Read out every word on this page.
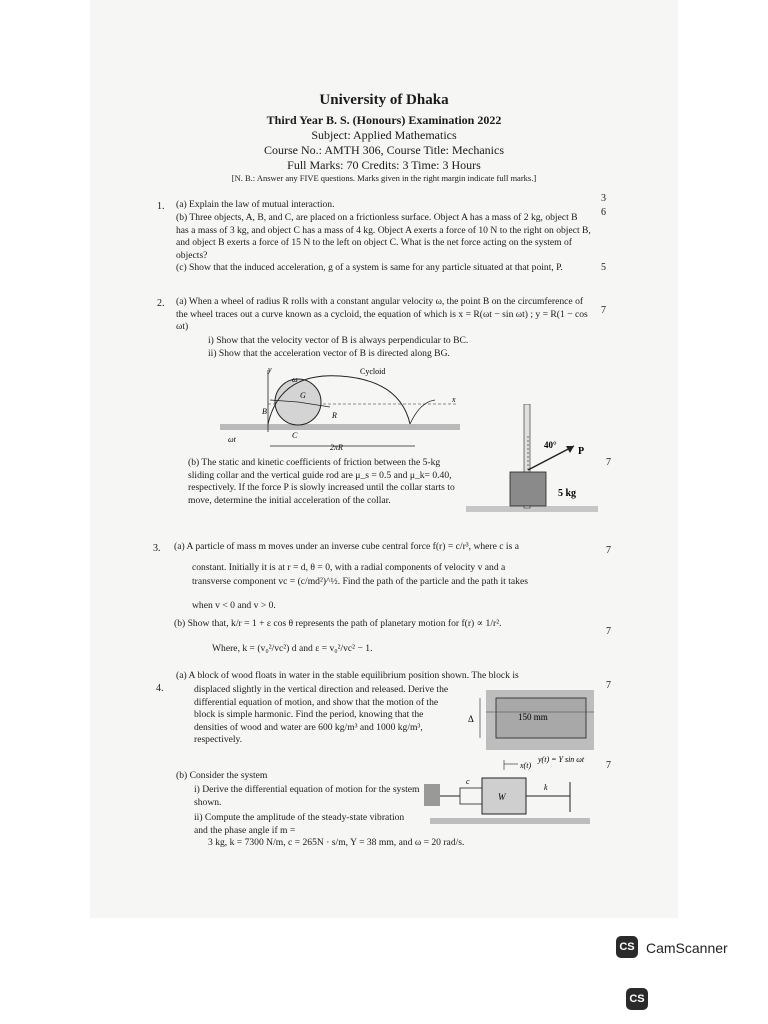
University of Dhaka
Third Year B. S. (Honours) Examination 2022
Subject: Applied Mathematics
Course No.: AMTH 306, Course Title: Mechanics
Full Marks: 70 Credits: 3 Time: 3 Hours
[N. B.: Answer any FIVE questions. Marks given in the right margin indicate full marks.]
1. (a) Explain the law of mutual interaction.
3
(b) Three objects, A, B, and C, are placed on a frictionless surface. Object A has a mass of 2 kg, object B has a mass of 3 kg, and object C has a mass of 4 kg. Object A exerts a force of 10 N to the right on object B, and object B exerts a force of 15 N to the left on object C. What is the net force acting on the system of objects?
6
(c) Show that the induced acceleration, g of a system is same for any particle situated at that point, P.	5
2. (a) When a wheel of radius R rolls with a constant angular velocity ω, the point B on the circumference of the wheel traces out a curve known as a cycloid, the equation of which is x = R(ωt − sin ωt) ; y = R(1 − cos ωt)
7
i) Show that the velocity vector of B is always perpendicular to BC.
ii) Show that the acceleration vector of B is directed along BG.
y
x
ω
Cycloid
G
B	R
C
ωt
2πR
(b) The static and kinetic coefficients of friction between the 5-kg sliding collar and the vertical guide rod are μ_s = 0.5 and μ_k= 0.40, respectively. If the force P is slowly increased until the collar starts to move, determine the initial acceleration of the collar.
7
40°
P
5 kg
3. (a) A particle of mass m moves under an inverse cube central force f(r) = c/r³, where c is a
constant. Initially it is at r = d, θ = 0, with a radial components of velocity v and a
transverse component vc = (c/md²)^½. Find the path of the particle and the path it takes
when v < 0 and v > 0.
7
(b) Show that, k/r = 1 + ε cos θ represents the path of planetary motion for f(r) ∝ 1/r².
Where, k = (v₀²/vc²) d and ε = v₀²/vc² − 1.
7
4.
(a) A block of wood floats in water in the stable equilibrium position shown. The block is
displaced slightly in the vertical direction and released. Derive the differential equation of motion, and show that the motion of the block is simple harmonic. Find the period, knowing that the densities of wood and water are 600 kg/m³ and 1000 kg/m³, respectively.
7
Δ	150 mm
(b) Consider the system
7
i) Derive the differential equation of motion for the system shown.
ii) Compute the amplitude of the steady-state vibration and the phase angle if m =
3 kg, k = 7300 N/m, c = 265N · s/m, Y = 38 mm, and ω = 20 rad/s.
x(t)
y(t) = Y sin ωt
c
W
k
CS CamScanner
CS
